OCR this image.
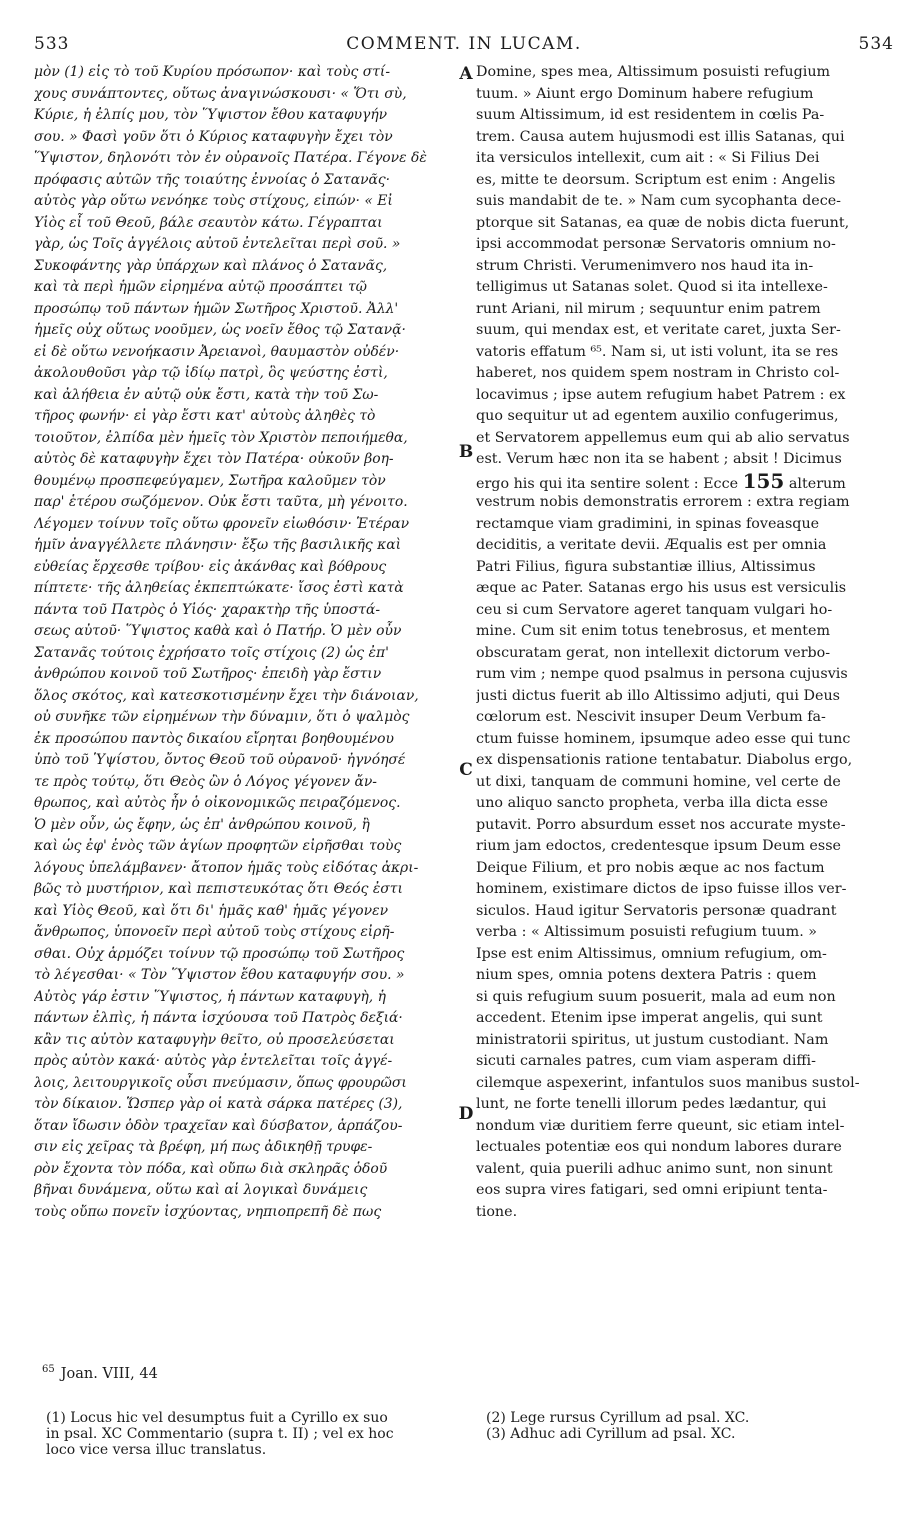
533	COMMENT. IN LUCAM.	534
μὸν (1) εἰς τὸ τοῦ Κυρίου πρόσωπον· καὶ τοὺς στί-
χους συνάπτοντες, οὕτως ἀναγινώσκουσι· « Ὅτι σὺ,
Κύριε, ἡ ἐλπίς μου, τὸν Ὕψιστον ἔθου καταφυγήν
σου. » Φασὶ γοῦν ὅτι ὁ Κύριος καταφυγὴν ἔχει τὸν
Ὕψιστον, δηλονότι τὸν ἐν οὐρανοῖς Πατέρα. Γέγονε δὲ
πρόφασις αὐτῶν τῆς τοιαύτης ἐννοίας ὁ Σατανᾶς·
αὐτὸς γὰρ οὕτω νενόηκε τοὺς στίχους, εἰπών· « Εἰ
Υἱὸς εἶ τοῦ Θεοῦ, βάλε σεαυτὸν κάτω. Γέγραπται
γὰρ, ὡς Τοῖς ἀγγέλοις αὐτοῦ ἐντελεῖται περὶ σοῦ. »
Συκοφάντης γὰρ ὑπάρχων καὶ πλάνος ὁ Σατανᾶς,
καὶ τὰ περὶ ἡμῶν εἰρημένα αὐτῷ προσάπτει τῷ
προσώπῳ τοῦ πάντων ἡμῶν Σωτῆρος Χριστοῦ. Ἀλλ'
ἡμεῖς οὐχ οὕτως νοοῦμεν, ὡς νοεῖν ἔθος τῷ Σατανᾷ·
εἰ δὲ οὕτω νενοήκασιν Ἀρειανοὶ, θαυμαστὸν οὐδέν·
ἀκολουθοῦσι γὰρ τῷ ἰδίῳ πατρὶ, ὃς ψεύστης ἐστὶ,
καὶ ἀλήθεια ἐν αὐτῷ οὐκ ἔστι, κατὰ τὴν τοῦ Σω-
τῆρος φωνήν· εἰ γὰρ ἔστι κατ' αὐτοὺς ἀληθὲς τὸ
τοιοῦτον, ἐλπίδα μὲν ἡμεῖς τὸν Χριστὸν πεποιήμεθα,
αὐτὸς δὲ καταφυγὴν ἔχει τὸν Πατέρα· οὐκοῦν βοη-
θουμένῳ προσπεφεύγαμεν, Σωτῆρα καλοῦμεν τὸν
παρ' ἑτέρου σωζόμενον. Οὐκ ἔστι ταῦτα, μὴ γένοιτο.
Λέγομεν τοίνυν τοῖς οὕτω φρονεῖν εἰωθόσιν· Ἑτέραν
ἡμῖν ἀναγγέλλετε πλάνησιν· ἔξω τῆς βασιλικῆς καὶ
εὐθείας ἔρχεσθε τρίβου· εἰς ἀκάνθας καὶ βόθρους
πίπτετε· τῆς ἀληθείας ἐκπεπτώκατε· ἴσος ἐστὶ κατὰ
πάντα τοῦ Πατρὸς ὁ Υἱός· χαρακτὴρ τῆς ὑποστά-
σεως αὐτοῦ· Ὕψιστος καθὰ καὶ ὁ Πατήρ. Ὁ μὲν οὖν
Σατανᾶς τούτοις ἐχρήσατο τοῖς στίχοις (2) ὡς ἐπ'
ἀνθρώπου κοινοῦ τοῦ Σωτῆρος· ἐπειδὴ γὰρ ἔστιν
ὅλος σκότος, καὶ κατεσκοτισμένην ἔχει τὴν διάνοιαν,
οὐ συνῆκε τῶν εἰρημένων τὴν δύναμιν, ὅτι ὁ ψαλμὸς
ἐκ προσώπου παντὸς δικαίου εἴρηται βοηθουμένου
ὑπὸ τοῦ Ὑψίστου, ὄντος Θεοῦ τοῦ οὐρανοῦ· ἠγνόησέ
τε πρὸς τούτῳ, ὅτι Θεὸς ὢν ὁ Λόγος γέγονεν ἄν-
θρωπος, καὶ αὐτὸς ἦν ὁ οἰκονομικῶς πειραζόμενος.
Ὁ μὲν οὖν, ὡς ἔφην, ὡς ἐπ' ἀνθρώπου κοινοῦ, ἢ
καὶ ὡς ἐφ' ἑνὸς τῶν ἁγίων προφητῶν εἰρῆσθαι τοὺς
λόγους ὑπελάμβανεν· ἄτοπον ἡμᾶς τοὺς εἰδότας ἀκρι-
βῶς τὸ μυστήριον, καὶ πεπιστευκότας ὅτι Θεός ἐστι
καὶ Υἱὸς Θεοῦ, καὶ ὅτι δι' ἡμᾶς καθ' ἡμᾶς γέγονεν
ἄνθρωπος, ὑπονοεῖν περὶ αὐτοῦ τοὺς στίχους εἰρῆ-
σθαι. Οὐχ ἁρμόζει τοίνυν τῷ προσώπῳ τοῦ Σωτῆρος
τὸ λέγεσθαι· « Τὸν Ὕψιστον ἔθου καταφυγήν σου. »
Αὐτὸς γάρ ἐστιν Ὕψιστος, ἡ πάντων καταφυγὴ, ἡ
πάντων ἐλπὶς, ἡ πάντα ἰσχύουσα τοῦ Πατρὸς δεξιά·
κἂν τις αὐτὸν καταφυγὴν θεῖτο, οὐ προσελεύσεται
πρὸς αὐτὸν κακά· αὐτὸς γὰρ ἐντελεῖται τοῖς ἀγγέ-
λοις, λειτουργικοῖς οὖσι πνεύμασιν, ὅπως φρουρῶσι
τὸν δίκαιον. Ὥσπερ γὰρ οἱ κατὰ σάρκα πατέρες (3),
ὅταν ἴδωσιν ὁδὸν τραχεῖαν καὶ δύσβατον, ἁρπάζου-
σιν εἰς χεῖρας τὰ βρέφη, μή πως ἀδικηθῇ τρυφε-
ρὸν ἔχοντα τὸν πόδα, καὶ οὔπω διὰ σκληρᾶς ὁδοῦ
βῆναι δυνάμενα, οὕτω καὶ αἱ λογικαὶ δυνάμεις
τοὺς οὔπω πονεῖν ἰσχύοντας, νηπιοπρεπῆ δὲ πως
Domine, spes mea, Altissimum posuisti refugium
tuum. » Aiunt ergo Dominum habere refugium
suum Altissimum, id est residentem in cœlis Pa-
trem. Causa autem hujusmodi est illis Satanas, qui
ita versiculos intellexit, cum ait : « Si Filius Dei
es, mitte te deorsum. Scriptum est enim : Angelis
suis mandabit de te. » Nam cum sycophanta dece-
ptorque sit Satanas, ea quæ de nobis dicta fuerunt,
ipsi accommodat personæ Servatoris omnium no-
strum Christi. Verumenimvero nos haud ita in-
telligimus ut Satanas solet. Quod si ita intellexe-
runt Ariani, nil mirum ; sequuntur enim patrem
suum, qui mendax est, et veritate caret, juxta Ser-
vatoris effatum ⁶⁵. Nam si, ut isti volunt, ita se res
haberet, nos quidem spem nostram in Christo col-
locavimus ; ipse autem refugium habet Patrem : ex
quo sequitur ut ad egentem auxilio confugerimus,
et Servatorem appellemus eum qui ab alio servatus
est. Verum hæc non ita se habent ; absit ! Dicimus
ergo his qui ita sentire solent : Ecce 155 alterum
vestrum nobis demonstratis errorem : extra regiam
rectamque viam gradimini, in spinas foveasque
deciditis, a veritate devii. Æqualis est per omnia
Patri Filius, figura substantiæ illius, Altissimus
æque ac Pater. Satanas ergo his usus est versiculis
ceu si cum Servatore ageret tanquam vulgari ho-
mine. Cum sit enim totus tenebrosus, et mentem
obscuratam gerat, non intellexit dictorum verbo-
rum vim ; nempe quod psalmus in persona cujusvis
justi dictus fuerit ab illo Altissimo adjuti, qui Deus
cœlorum est. Nescivit insuper Deum Verbum fa-
ctum fuisse hominem, ipsumque adeo esse qui tunc
ex dispensationis ratione tentabatur. Diabolus ergo,
ut dixi, tanquam de communi homine, vel certe de
uno aliquo sancto propheta, verba illa dicta esse
putavit. Porro absurdum esset nos accurate myste-
rium jam edoctos, credentesque ipsum Deum esse
Deique Filium, et pro nobis æque ac nos factum
hominem, existimare dictos de ipso fuisse illos ver-
siculos. Haud igitur Servatoris personæ quadrant
verba : « Altissimum posuisti refugium tuum. »
Ipse est enim Altissimus, omnium refugium, om-
nium spes, omnia potens dextera Patris : quem
si quis refugium suum posuerit, mala ad eum non
accedent. Etenim ipse imperat angelis, qui sunt
ministratorii spiritus, ut justum custodiant. Nam
sicuti carnales patres, cum viam asperam diffi-
cilemque aspexerint, infantulos suos manibus sustol-
lunt, ne forte tenelli illorum pedes lædantur, qui
nondum viæ duritiem ferre queunt, sic etiam intel-
lectuales potentiæ eos qui nondum labores durare
valent, quia puerili adhuc animo sunt, non sinunt
eos supra vires fatigari, sed omni eripiunt tenta-
tione.
A
B
C
D
$^{65}$ Joan. VIII, 44
(1) Locus hic vel desumptus fuit a Cyrillo ex suo
in psal. XC Commentario (supra t. II) ; vel ex hoc
loco vice versa illuc translatus.
(2) Lege rursus Cyrillum ad psal. XC.
(3) Adhuc adi Cyrillum ad psal. XC.
